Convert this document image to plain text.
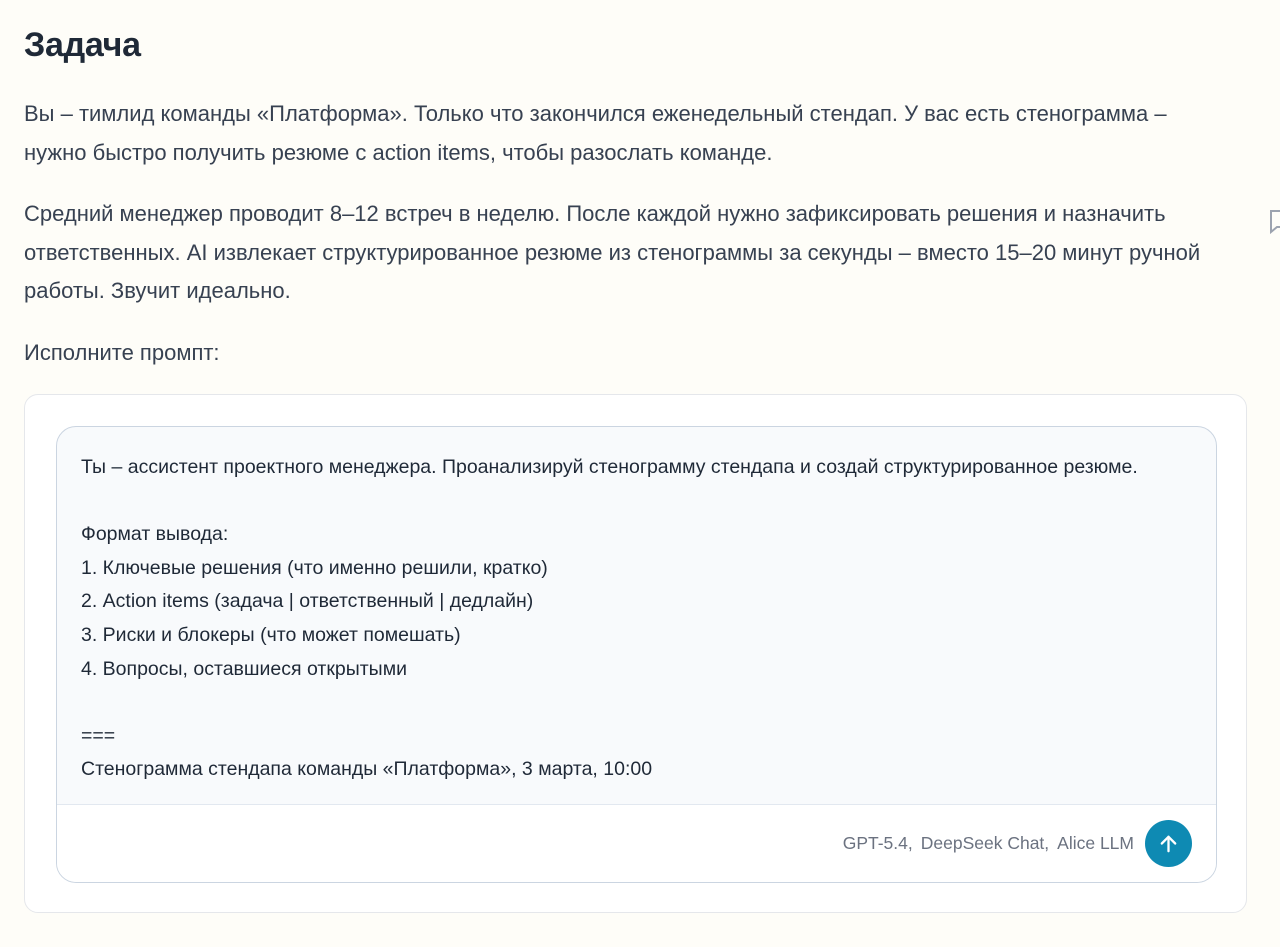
Задача

Вы – тимлид команды «Платформа». Только что закончился еженедельный стендап. У вас есть стенограмма – нужно быстро получить резюме с action items, чтобы разослать команде.

Средний менеджер проводит 8–12 встреч в неделю. После каждой нужно зафиксировать решения и назначить ответственных. AI извлекает структурированное резюме из стенограммы за секунды – вместо 15–20 минут ручной работы. Звучит идеально.

Исполните промпт:

Ты – ассистент проектного менеджера. Проанализируй стенограмму стендапа и создай структурированное резюме.

Формат вывода:
1. Ключевые решения (что именно решили, кратко)
2. Action items (задача | ответственный | дедлайн)
3. Риски и блокеры (что может помешать)
4. Вопросы, оставшиеся открытыми

===
Стенограмма стендапа команды «Платформа», 3 марта, 10:00
GPT-5.4, DeepSeek Chat, Alice LLM
